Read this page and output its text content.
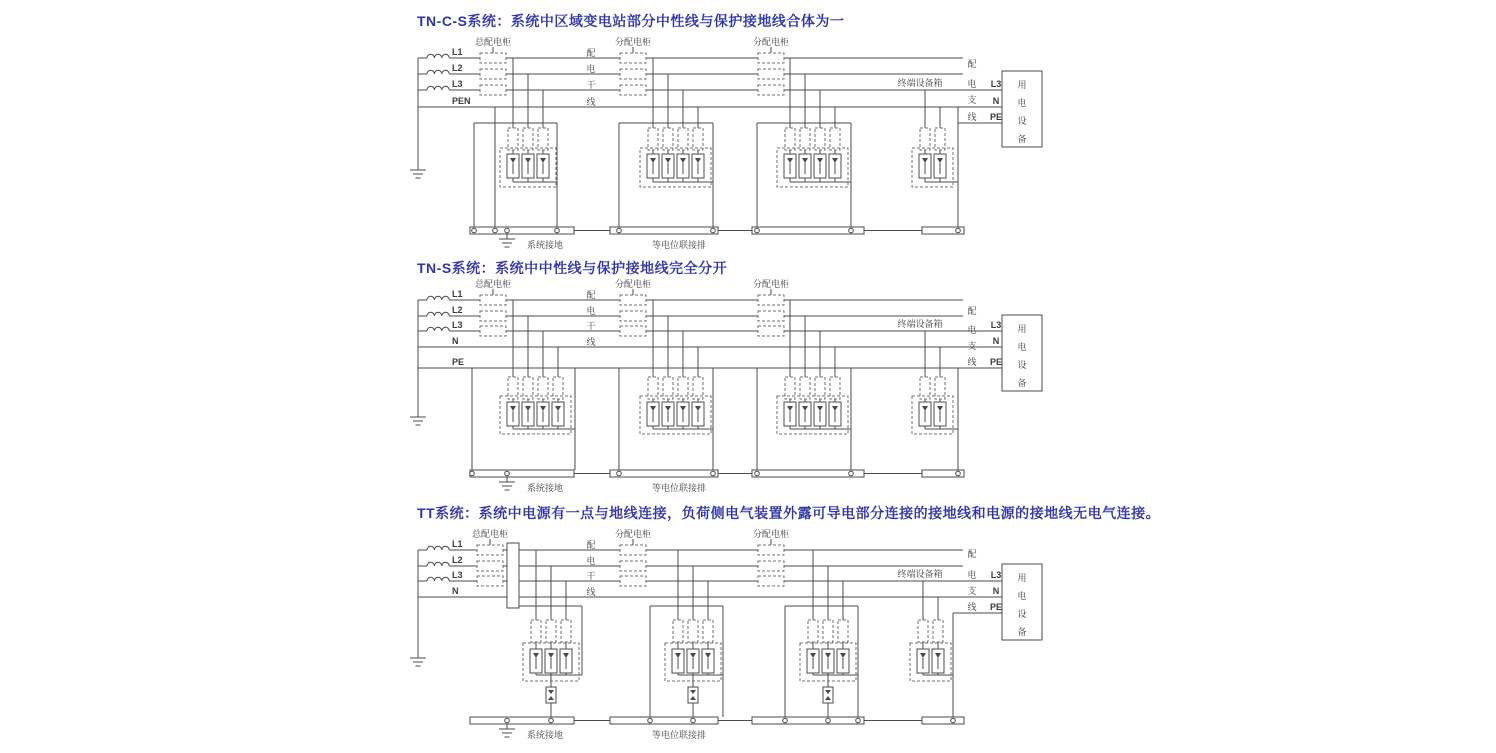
TN-C-S系统：系统中区域变电站部分中性线与保护接地线合体为一
TN-S系统：系统中中性线与保护接地线完全分开
TT系统：系统中电源有一点与地线连接，负荷侧电气装置外露可导电部分连接的接地线和电源的接地线无电气连接。
L1
L2
L3
PEN
系统接地	等电位联接排
总配电柜	分配电柜	分配电柜
配
电
干
线
配
电
支
线
终端设备箱	L3
N
PE
用
电
设
备
L1
L2
L3
N
PE
系统接地	等电位联接排
总配电柜	分配电柜	分配电柜
配
电
干
线
配
电
支
线
终端设备箱	L3
N
PE
用
电
设
备
L1
L2
L3
N
系统接地	等电位联接排
总配电柜	分配电柜	分配电柜
配
电
干
线
配
电
支
线
终端设备箱	L3
N
PE
用
电
设
备
